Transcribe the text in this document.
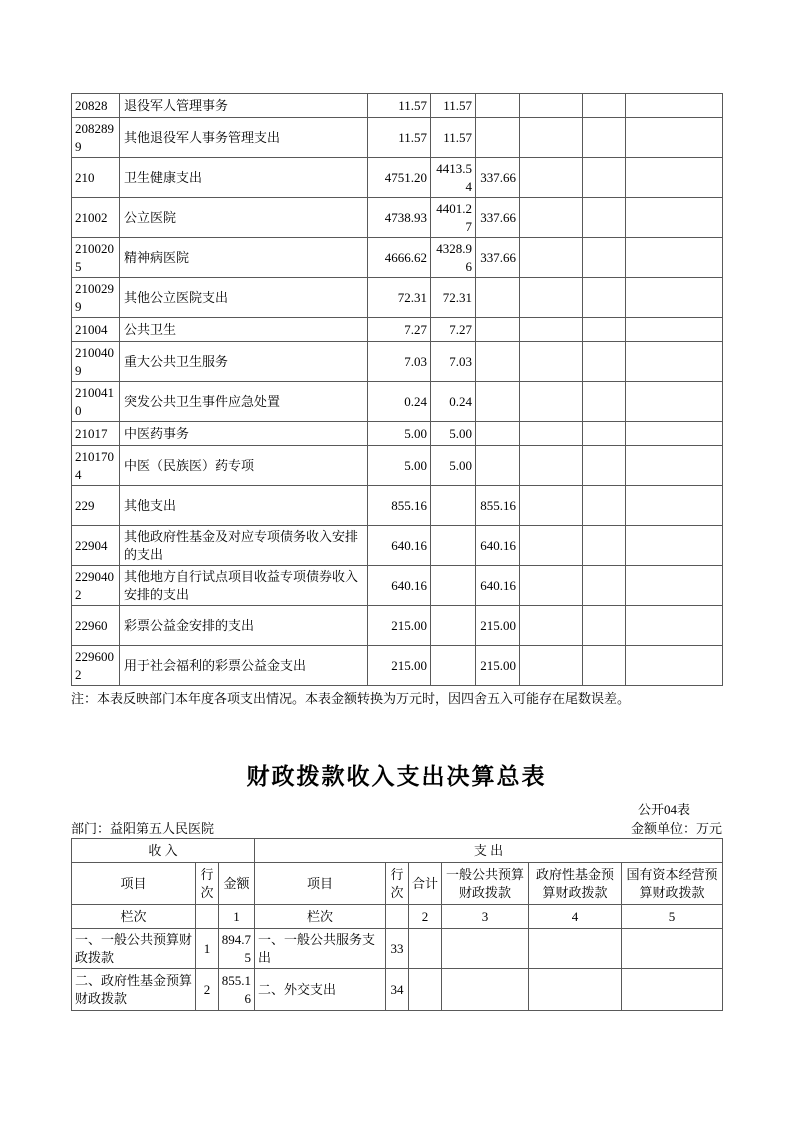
20828	退役军人管理事务	11.57	11.57				
2082899	其他退役军人事务管理支出	11.57	11.57				
210	卫生健康支出	4751.20	4413.54	337.66			
21002	公立医院	4738.93	4401.27	337.66			
2100205	精神病医院	4666.62	4328.96	337.66			
2100299	其他公立医院支出	72.31	72.31				
21004	公共卫生	7.27	7.27				
2100409	重大公共卫生服务	7.03	7.03				
2100410	突发公共卫生事件应急处置	0.24	0.24				
21017	中医药事务	5.00	5.00				
2101704	中医（民族医）药专项	5.00	5.00				
229	其他支出	855.16		855.16			
22904	其他政府性基金及对应专项债务收入安排的支出	640.16		640.16			
2290402	其他地方自行试点项目收益专项债券收入安排的支出	640.16		640.16			
22960	彩票公益金安排的支出	215.00		215.00			
2296002	用于社会福利的彩票公益金支出	215.00		215.00			

注：本表反映部门本年度各项支出情况。本表金额转换为万元时，因四舍五入可能存在尾数误差。

财政拨款收入支出决算总表
公开04表
部门：益阳第五人民医院	金额单位：万元
收 入			支 出					
项目	行次	金额	项目	行次	合计	一般公共预算财政拨款	政府性基金预算财政拨款	国有资本经营预算财政拨款
栏次		1	栏次		2	3	4	5
一、一般公共预算财政拨款	1	894.75	一、一般公共服务支出	33				
二、政府性基金预算财政拨款	2	855.16	二、外交支出	34				
